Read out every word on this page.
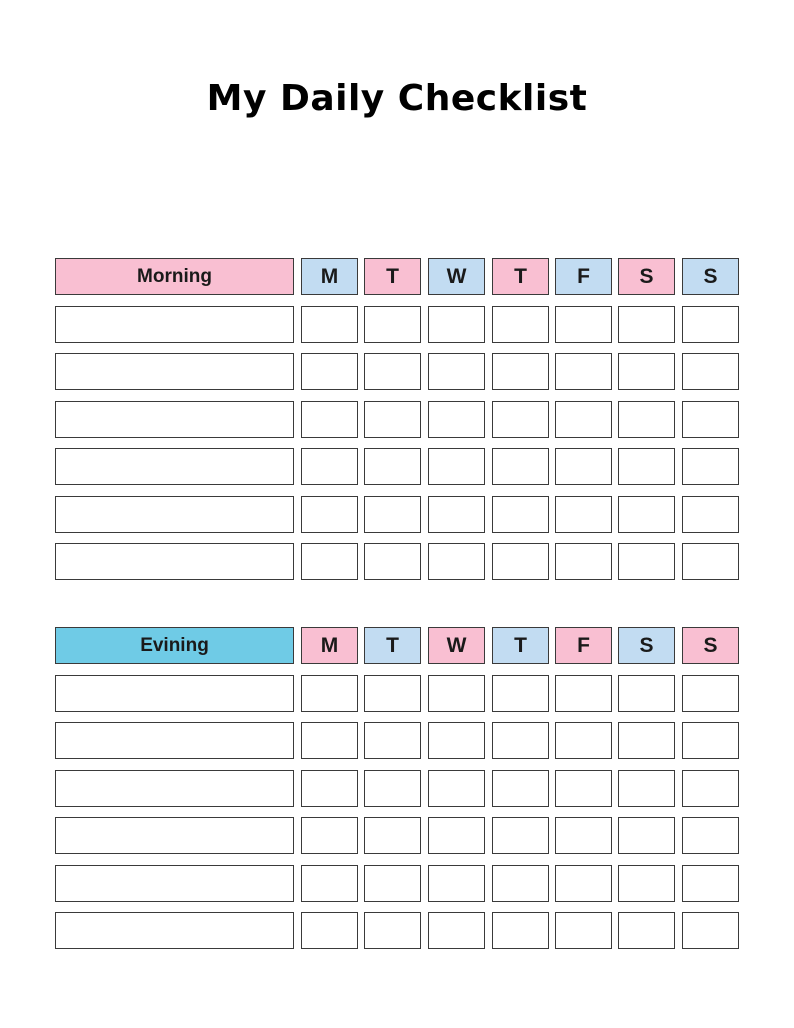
My Daily Checklist
Morning	M	T	W	T	F	S	S
Evining	M	T	W	T	F	S	S
